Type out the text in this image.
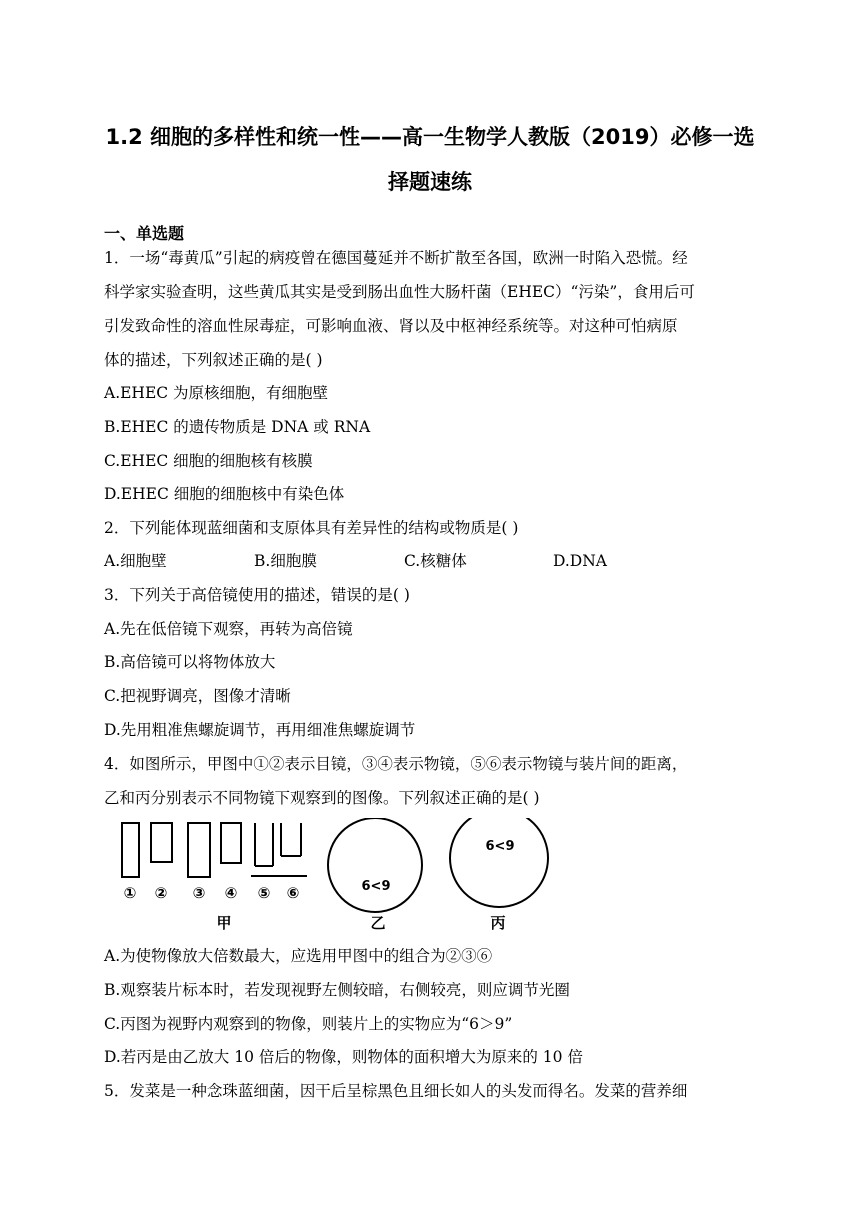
1.2 细胞的多样性和统一性——高一生物学人教版（2019）必修一选
择题速练
一、单选题
1．一场“毒黄瓜”引起的病疫曾在德国蔓延并不断扩散至各国，欧洲一时陷入恐慌。经
科学家实验查明，这些黄瓜其实是受到肠出血性大肠杆菌（EHEC）“污染”，食用后可
引发致命性的溶血性尿毒症，可影响血液、肾以及中枢神经系统等。对这种可怕病原
体的描述，下列叙述正确的是( )
A.EHEC 为原核细胞，有细胞壁
B.EHEC 的遗传物质是 DNA 或 RNA
C.EHEC 细胞的细胞核有核膜
D.EHEC 细胞的细胞核中有染色体
2．下列能体现蓝细菌和支原体具有差异性的结构或物质是( )
A.细胞壁	B.细胞膜	C.核糖体	D.DNA
3．下列关于高倍镜使用的描述，错误的是( )
A.先在低倍镜下观察，再转为高倍镜
B.高倍镜可以将物体放大
C.把视野调亮，图像才清晰
D.先用粗准焦螺旋调节，再用细准焦螺旋调节
4．如图所示，甲图中①②表示目镜，③④表示物镜，⑤⑥表示物镜与装片间的距离，
乙和丙分别表示不同物镜下观察到的图像。下列叙述正确的是( )
① ② ③ ④ ⑤ ⑥
甲	乙	丙
6<9
6<9
A.为使物像放大倍数最大，应选用甲图中的组合为②③⑥
B.观察装片标本时，若发现视野左侧较暗，右侧较亮，则应调节光圈
C.丙图为视野内观察到的物像，则装片上的实物应为“6＞9”
D.若丙是由乙放大 10 倍后的物像，则物体的面积增大为原来的 10 倍
5．发菜是一种念珠蓝细菌，因干后呈棕黑色且细长如人的头发而得名。发菜的营养细
